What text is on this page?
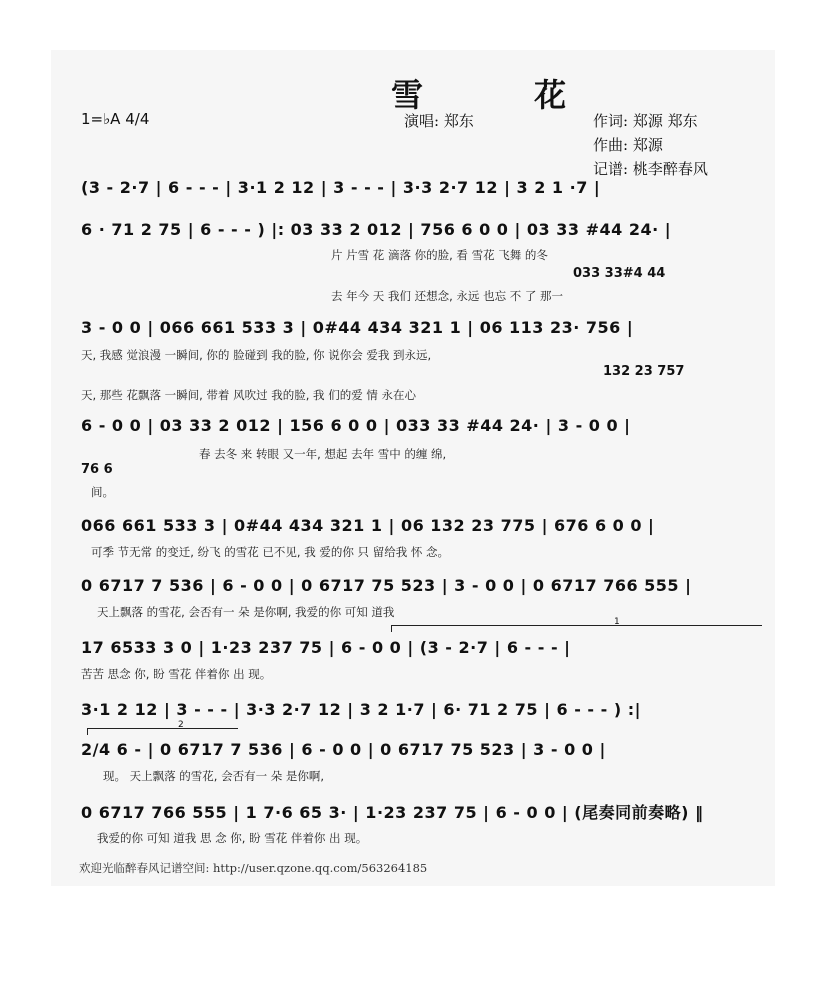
雪 花
1=♭A 4/4	演唱: 郑东	作词: 郑源 郑东
作曲: 郑源
记谱: 桃李醉春风
(3 - 2·7 | 6 - - - | 3·1 2 12 | 3 - - - | 3·3 2·7 12 | 3 2 1 ·7 |
6 · 71 2 75 | 6 - - - ) |: 03 33 2 012 | 756 6 0 0 | 03 33 #44 24· |
片 片雪 花 滴落 你的脸, 看 雪花 飞舞 的冬
033 33#4 44
去 年今 天 我们 还想念, 永远 也忘 不 了 那一
3 - 0 0 | 066 661 533 3 | 0#44 434 321 1 | 06 113 23· 756 |
天, 我感 觉浪漫 一瞬间, 你的 脸碰到 我的脸, 你 说你会 爱我 到永远,
132 23 757
天, 那些 花飘落 一瞬间, 带着 风吹过 我的脸, 我 们的爱 情 永在心
6 - 0 0 | 03 33 2 012 | 156 6 0 0 | 033 33 #44 24· | 3 - 0 0 |
春 去冬 来 转眼 又一年, 想起 去年 雪中 的缠 绵,
76 6
间。
066 661 533 3 | 0#44 434 321 1 | 06 132 23 775 | 676 6 0 0 |
可季 节无常 的变迁, 纷飞 的雪花 已不见, 我 爱的你 只 留给我 怀 念。
0 6717 7 536 | 6 - 0 0 | 0 6717 75 523 | 3 - 0 0 | 0 6717 766 555 |
天上飘落 的雪花, 会否有一 朵 是你啊, 我爱的你 可知 道我
1
17 6533 3 0 | 1·23 237 75 | 6 - 0 0 | (3 - 2·7 | 6 - - - |
苦苦 思念 你, 盼 雪花 伴着你 出 现。
3·1 2 12 | 3 - - - | 3·3 2·7 12 | 3 2 1·7 | 6· 71 2 75 | 6 - - - ) :|
2
2/4 6 - | 0 6717 7 536 | 6 - 0 0 | 0 6717 75 523 | 3 - 0 0 |
现。 天上飘落 的雪花, 会否有一 朵 是你啊,
0 6717 766 555 | 1 7·6 65 3· | 1·23 237 75 | 6 - 0 0 | (尾奏同前奏略) ‖
我爱的你 可知 道我 思 念 你, 盼 雪花 伴着你 出 现。
欢迎光临醉春风记谱空间: http://user.qzone.qq.com/563264185
